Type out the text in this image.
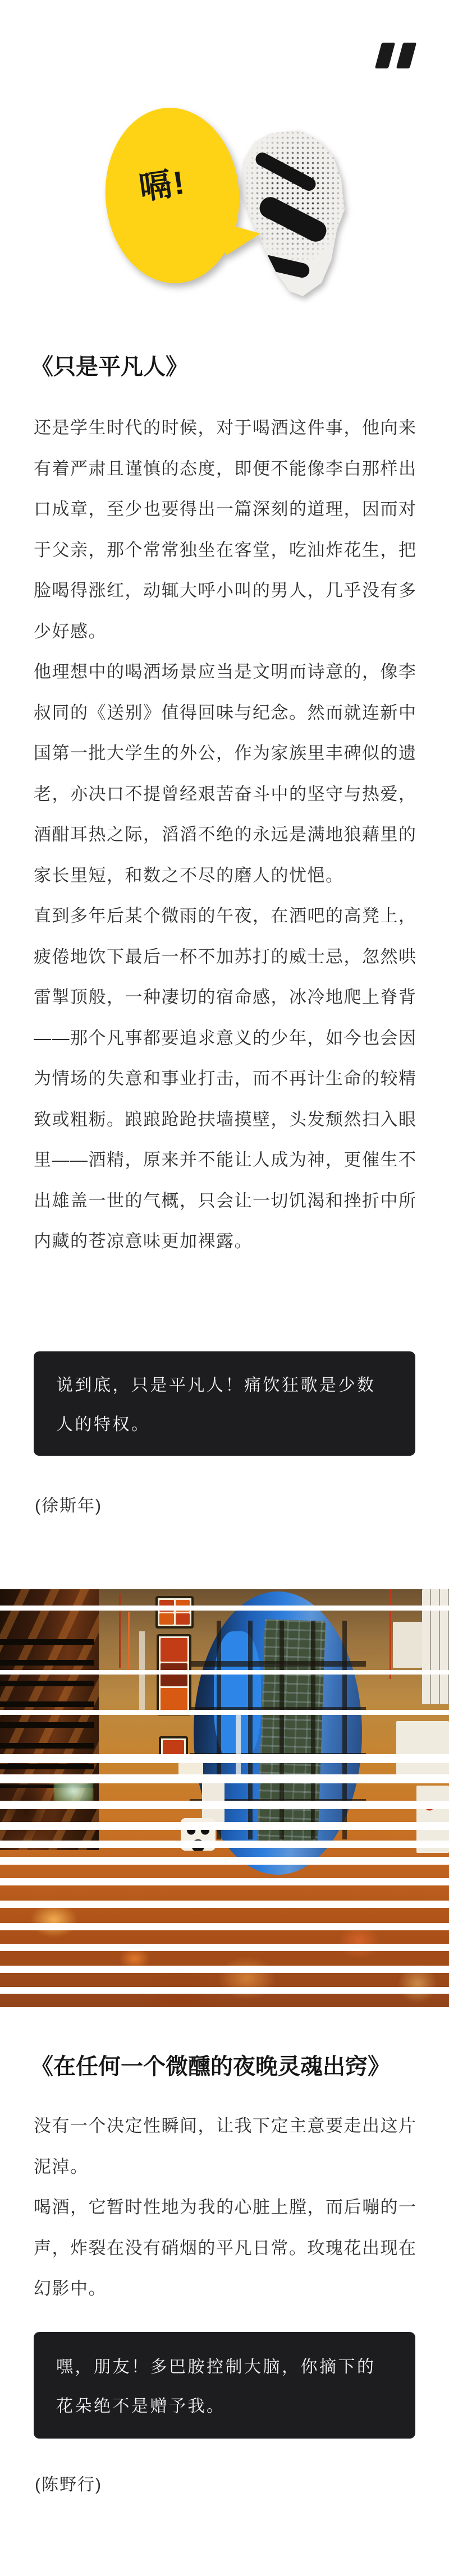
嗝!
《只是平凡人》

还是学生时代的时候，对于喝酒这件事，他向来有着严肃且谨慎的态度，即便不能像李白那样出口成章，至少也要得出一篇深刻的道理，因而对于父亲，那个常常独坐在客堂，吃油炸花生，把脸喝得涨红，动辄大呼小叫的男人，几乎没有多少好感。

他理想中的喝酒场景应当是文明而诗意的，像李叔同的《送别》值得回味与纪念。然而就连新中国第一批大学生的外公，作为家族里丰碑似的遗老，亦决口不提曾经艰苦奋斗中的坚守与热爱，酒酣耳热之际，滔滔不绝的永远是满地狼藉里的家长里短，和数之不尽的磨人的忧悒。

直到多年后某个微雨的午夜，在酒吧的高凳上，疲倦地饮下最后一杯不加苏打的威士忌，忽然哄雷掣顶般，一种凄切的宿命感，冰冷地爬上脊背——那个凡事都要追求意义的少年，如今也会因为情场的失意和事业打击，而不再计生命的较精致或粗粝。踉踉跄跄扶墙摸壁，头发颓然扫入眼里——酒精，原来并不能让人成为神，更催生不出雄盖一世的气概，只会让一切饥渴和挫折中所内藏的苍凉意味更加裸露。

说到底，只是平凡人！痛饮狂歌是少数人的特权。
(徐斯年)
《在任何一个微醺的夜晚灵魂出窍》

没有一个决定性瞬间，让我下定主意要走出这片泥淖。

喝酒，它暂时性地为我的心脏上膛，而后嘣的一声，炸裂在没有硝烟的平凡日常。玫瑰花出现在幻影中。

嘿，朋友！多巴胺控制大脑，你摘下的花朵绝不是赠予我。
(陈野行)
